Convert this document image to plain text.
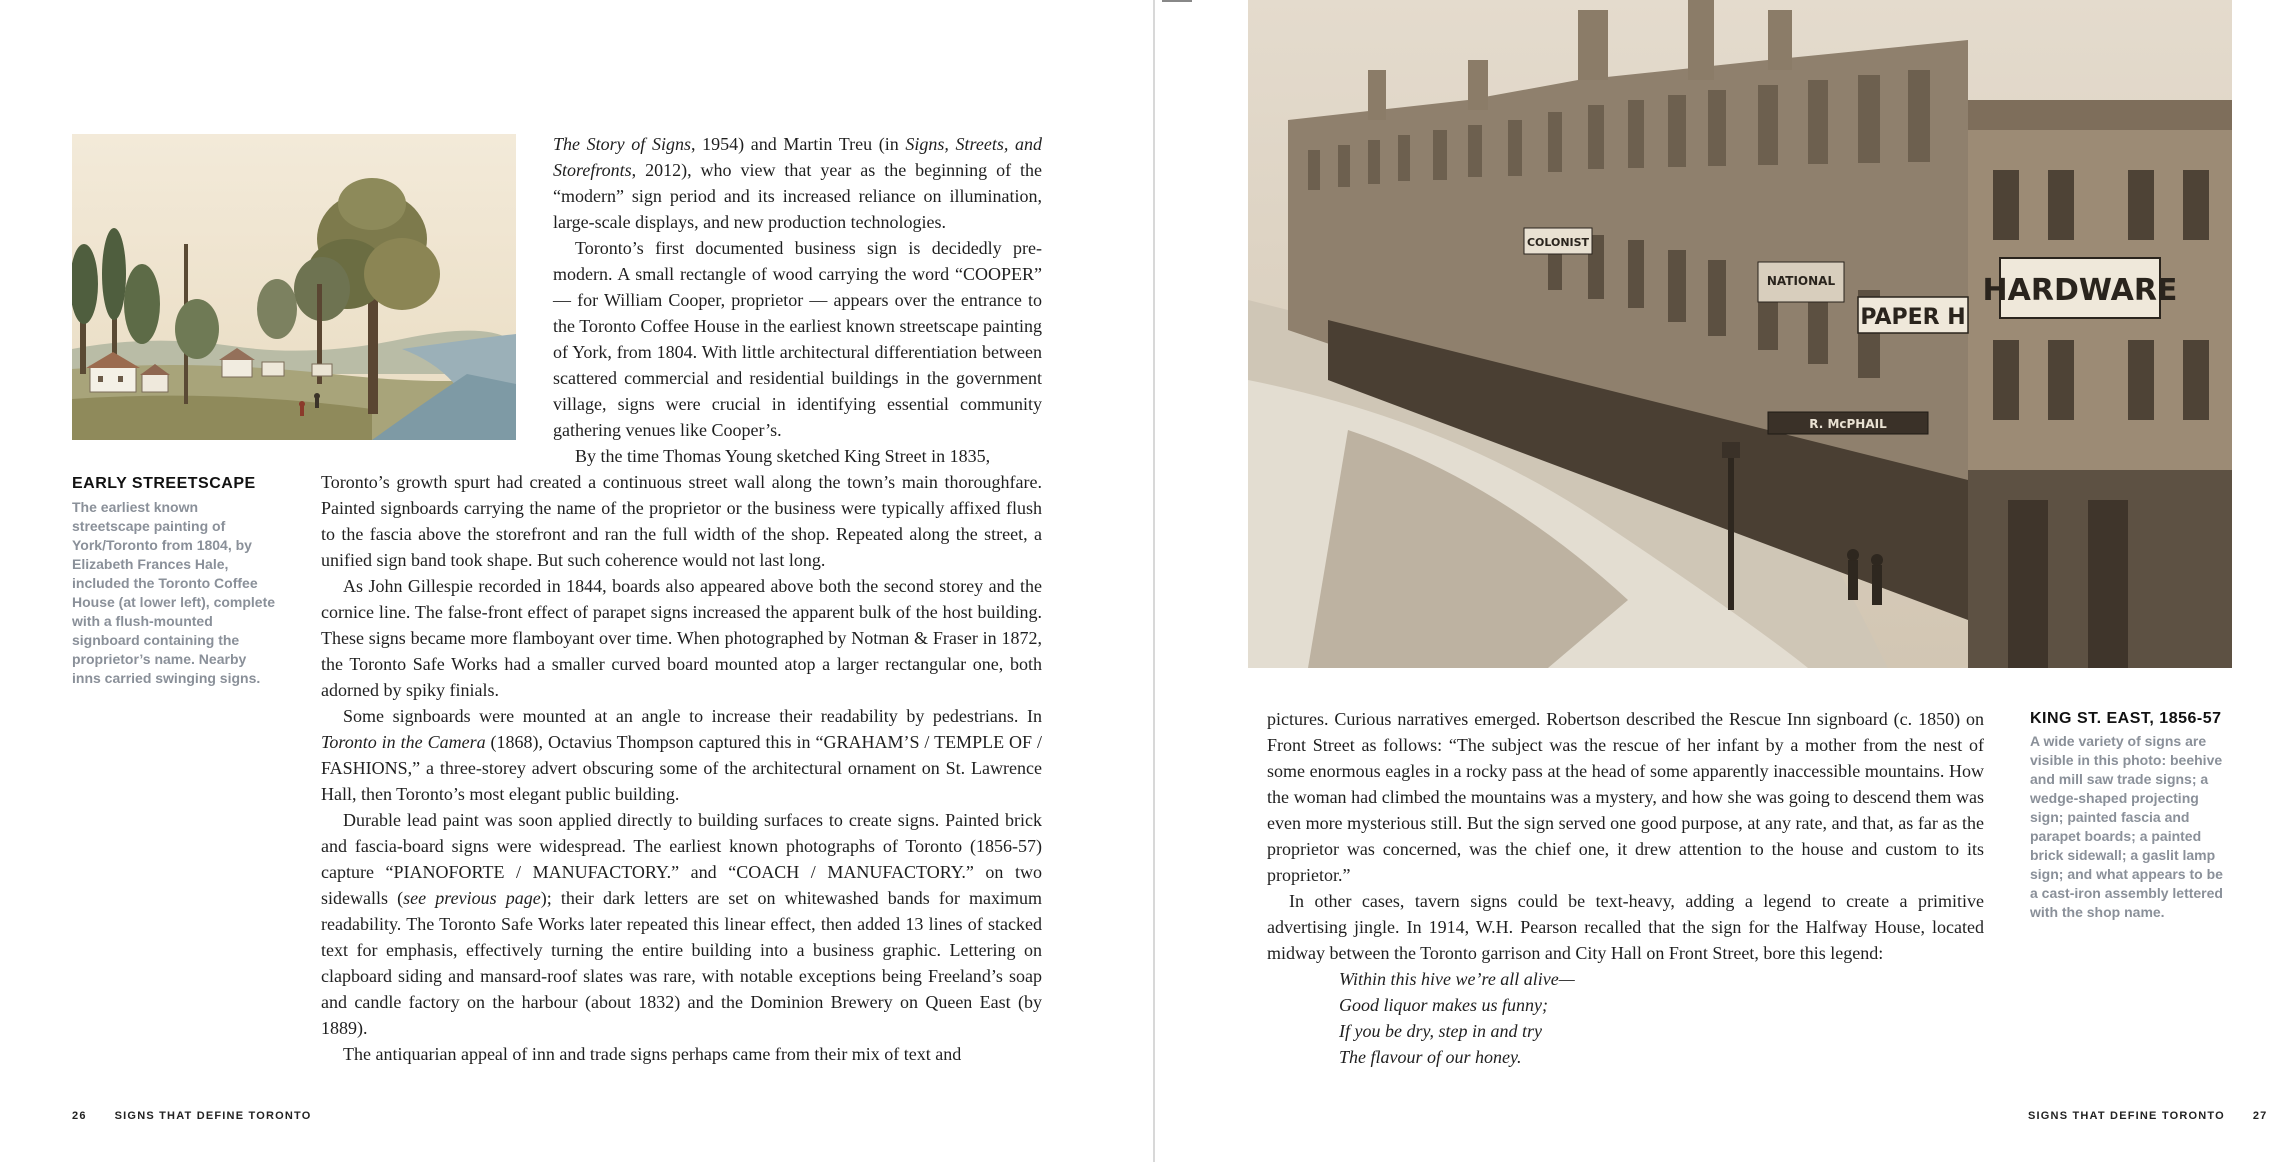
EARLY STREETSCAPE
The earliest known streetscape painting of York/Toronto from 1804, by Elizabeth Frances Hale, included the Toronto Coffee House (at lower left), complete with a flush-mounted signboard containing the proprietor’s name. Nearby inns carried swinging signs.

The Story of Signs, 1954) and Martin Treu (in Signs, Streets, and Storefronts, 2012), who view that year as the beginning of the “modern” sign period and its increased reliance on illumination, large-scale displays, and new production technologies.

Toronto’s first documented business sign is decidedly pre-modern. A small rectangle of wood carrying the word “COOPER” — for William Cooper, proprietor — appears over the entrance to the Toronto Coffee House in the earliest known streetscape painting of York, from 1804. With little architectural differentiation between scattered commercial and residential buildings in the government village, signs were crucial in identifying essential community gathering venues like Cooper’s.

By the time Thomas Young sketched King Street in 1835,

Toronto’s growth spurt had created a continuous street wall along the town’s main thoroughfare. Painted signboards carrying the name of the proprietor or the business were typically affixed flush to the fascia above the storefront and ran the full width of the shop. Repeated along the street, a unified sign band took shape. But such coherence would not last long.

As John Gillespie recorded in 1844, boards also appeared above both the second storey and the cornice line. The false-front effect of parapet signs increased the apparent bulk of the host building. These signs became more flamboyant over time. When photographed by Notman & Fraser in 1872, the Toronto Safe Works had a smaller curved board mounted atop a larger rectangular one, both adorned by spiky finials.

Some signboards were mounted at an angle to increase their readability by pedestrians. In Toronto in the Camera (1868), Octavius Thompson captured this in “GRAHAM’S / TEMPLE OF / FASHIONS,” a three-storey advert obscuring some of the architectural ornament on St. Lawrence Hall, then Toronto’s most elegant public building.

Durable lead paint was soon applied directly to building surfaces to create signs. Painted brick and fascia-board signs were widespread. The earliest known photographs of Toronto (1856-57) capture “PIANOFORTE / MANUFACTORY.” and “COACH / MANUFACTORY.” on two sidewalls (see previous page); their dark letters are set on whitewashed bands for maximum readability. The Toronto Safe Works later repeated this linear effect, then added 13 lines of stacked text for emphasis, effectively turning the entire building into a business graphic. Lettering on clapboard siding and mansard-roof slates was rare, with notable exceptions being Freeland’s soap and candle factory on the harbour (about 1832) and the Dominion Brewery on Queen East (by 1889).

The antiquarian appeal of inn and trade signs perhaps came from their mix of text and

26	SIGNS THAT DEFINE TORONTO
HARDWARE
PAPER H
COLONIST
NATIONAL
R. McPHAIL

pictures. Curious narratives emerged. Robertson described the Rescue Inn signboard (c. 1850) on Front Street as follows: “The subject was the rescue of her infant by a mother from the nest of some enormous eagles in a rocky pass at the head of some apparently inaccessible mountains. How the woman had climbed the mountains was a mystery, and how she was going to descend them was even more mysterious still. But the sign served one good purpose, at any rate, and that, as far as the proprietor was concerned, was the chief one, it drew attention to the house and custom to its proprietor.”

In other cases, tavern signs could be text-heavy, adding a legend to create a primitive advertising jingle. In 1914, W.H. Pearson recalled that the sign for the Halfway House, located midway between the Toronto garrison and City Hall on Front Street, bore this legend:

Within this hive we’re all alive—

Good liquor makes us funny;

If you be dry, step in and try

The flavour of our honey.

KING ST. EAST, 1856-57
A wide variety of signs are visible in this photo: beehive and mill saw trade signs; a wedge-shaped projecting sign; painted fascia and parapet boards; a painted brick sidewall; a gaslit lamp sign; and what appears to be a cast-iron assembly lettered with the shop name.
SIGNS THAT DEFINE TORONTO	27
